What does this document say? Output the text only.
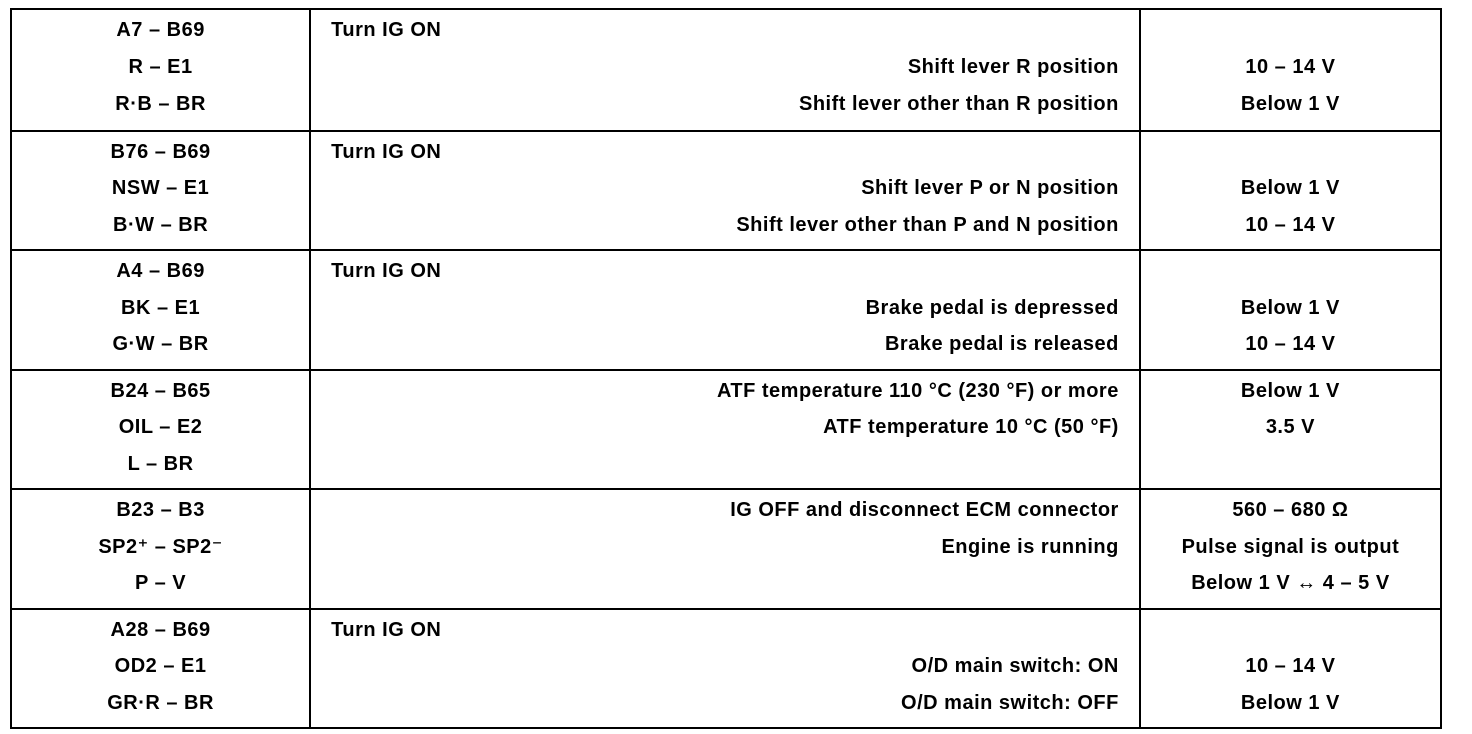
A7 – B69
R – E1
R·B – BR
Turn IG ON
Shift lever R position
Shift lever other than R position
10 – 14 V
Below 1 V
B76 – B69
NSW – E1
B·W – BR
Turn IG ON
Shift lever P or N position
Shift lever other than P and N position
Below 1 V
10 – 14 V
A4 – B69
BK – E1
G·W – BR
Turn IG ON
Brake pedal is depressed
Brake pedal is released
Below 1 V
10 – 14 V
B24 – B65
OIL – E2
L – BR
ATF temperature 110 °C (230 °F) or more
ATF temperature 10 °C (50 °F)
Below 1 V
3.5 V
B23 – B3
SP2⁺ – SP2⁻
P – V
IG OFF and disconnect ECM connector
Engine is running
560 – 680 Ω
Pulse signal is output
Below 1 V ↔ 4 – 5 V
A28 – B69
OD2 – E1
GR·R – BR
Turn IG ON
O/D main switch: ON
O/D main switch: OFF
10 – 14 V
Below 1 V
